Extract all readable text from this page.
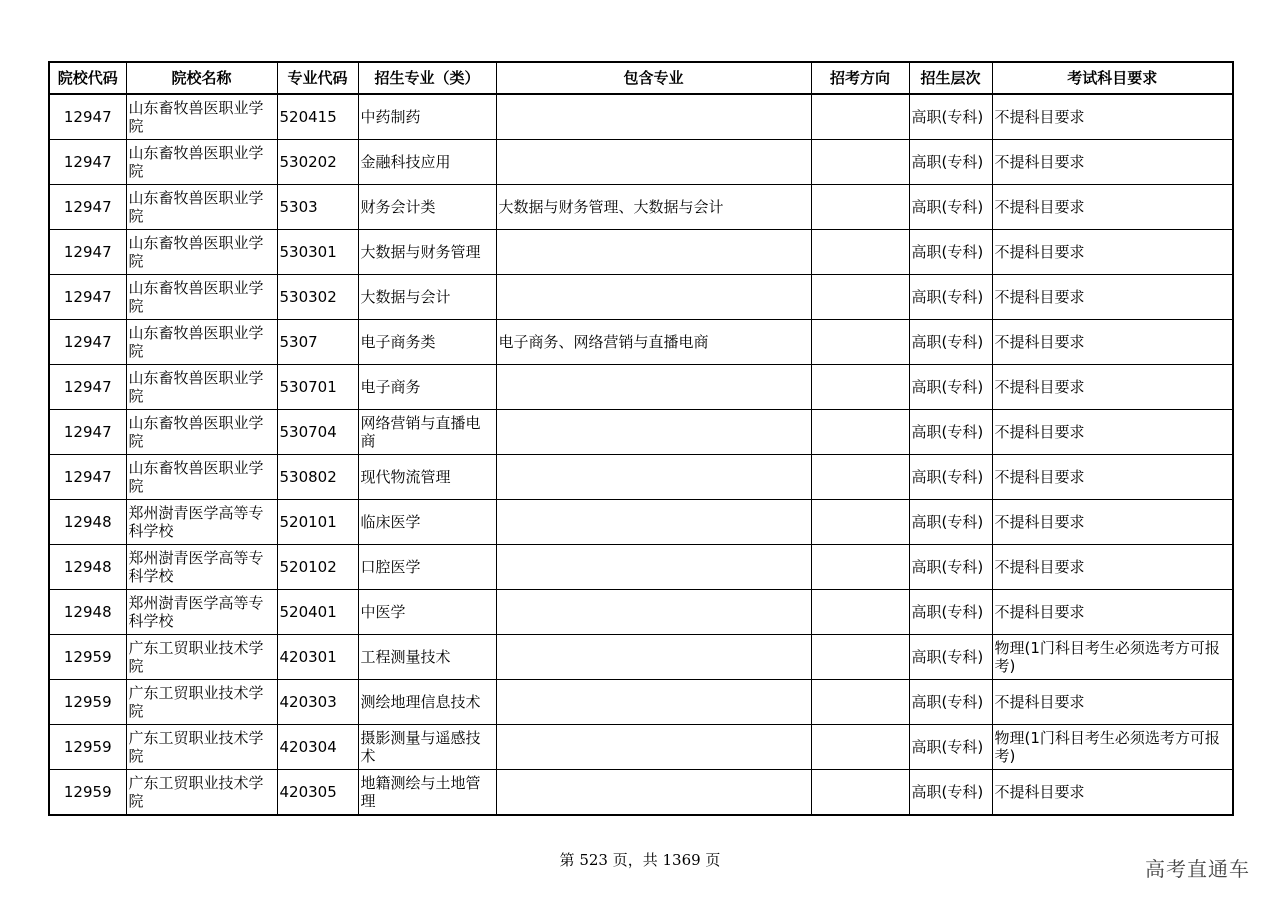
院校代码	院校名称	专业代码	招生专业（类）	包含专业	招考方向	招生层次	考试科目要求
12947	山东畜牧兽医职业学院	520415	中药制药			高职(专科)	不提科目要求
12947	山东畜牧兽医职业学院	530202	金融科技应用			高职(专科)	不提科目要求
12947	山东畜牧兽医职业学院	5303	财务会计类	大数据与财务管理、大数据与会计		高职(专科)	不提科目要求
12947	山东畜牧兽医职业学院	530301	大数据与财务管理			高职(专科)	不提科目要求
12947	山东畜牧兽医职业学院	530302	大数据与会计			高职(专科)	不提科目要求
12947	山东畜牧兽医职业学院	5307	电子商务类	电子商务、网络营销与直播电商		高职(专科)	不提科目要求
12947	山东畜牧兽医职业学院	530701	电子商务			高职(专科)	不提科目要求
12947	山东畜牧兽医职业学院	530704	网络营销与直播电商			高职(专科)	不提科目要求
12947	山东畜牧兽医职业学院	530802	现代物流管理			高职(专科)	不提科目要求
12948	郑州澍青医学高等专科学校	520101	临床医学			高职(专科)	不提科目要求
12948	郑州澍青医学高等专科学校	520102	口腔医学			高职(专科)	不提科目要求
12948	郑州澍青医学高等专科学校	520401	中医学			高职(专科)	不提科目要求
12959	广东工贸职业技术学院	420301	工程测量技术			高职(专科)	物理(1门科目考生必须选考方可报考)
12959	广东工贸职业技术学院	420303	测绘地理信息技术			高职(专科)	不提科目要求
12959	广东工贸职业技术学院	420304	摄影测量与遥感技术			高职(专科)	物理(1门科目考生必须选考方可报考)
12959	广东工贸职业技术学院	420305	地籍测绘与土地管理			高职(专科)	不提科目要求
第 523 页，共 1369 页	高考直通车
